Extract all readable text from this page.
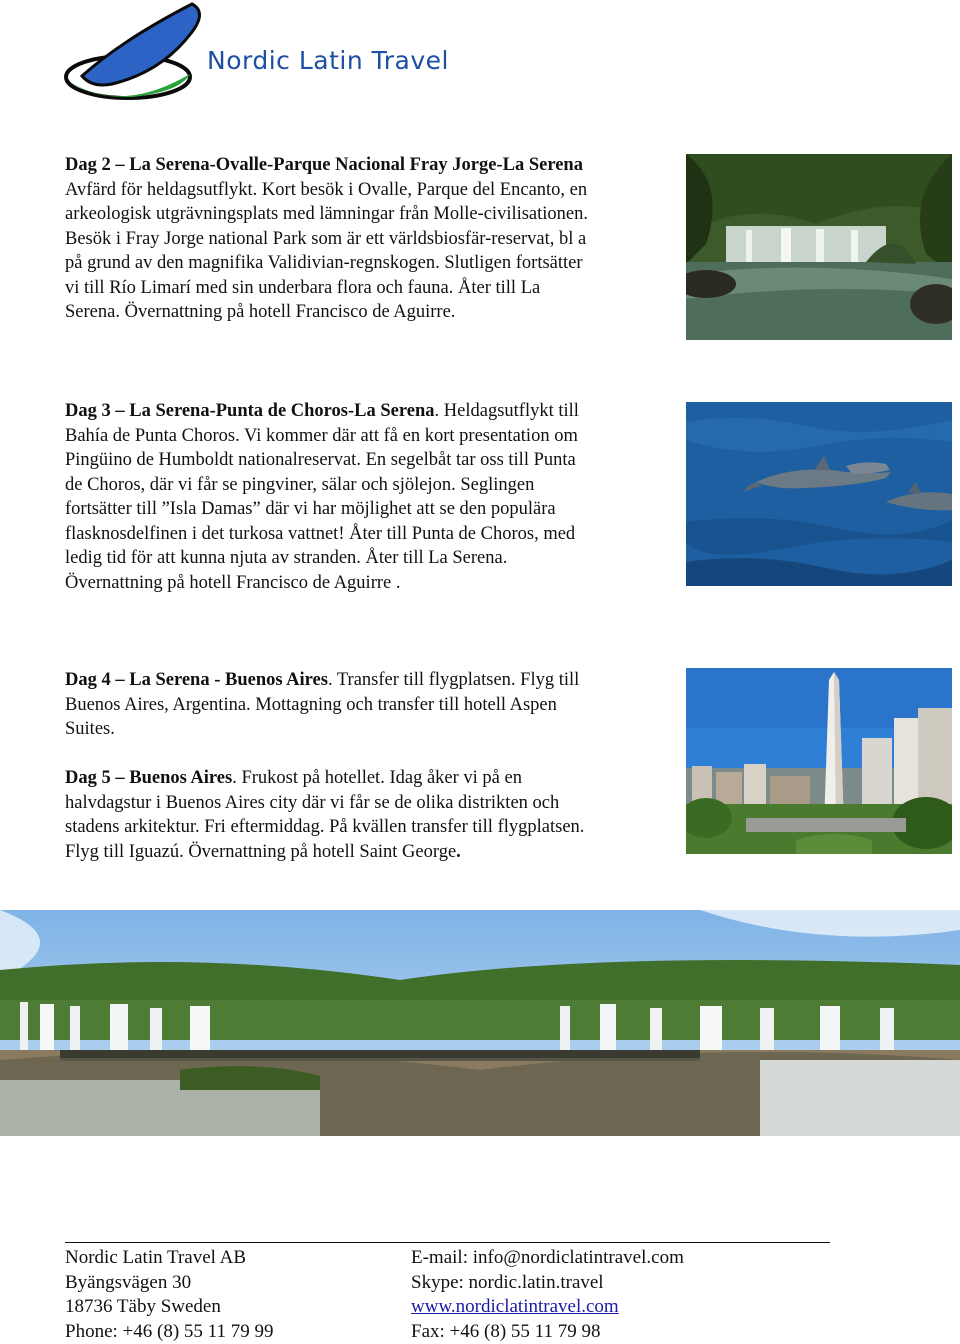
Nordic Latin Travel
Dag 2 – La Serena-Ovalle-Parque Nacional Fray Jorge-La Serena
Avfärd för heldagsutflykt. Kort besök i Ovalle, Parque del Encanto, en
arkeologisk utgrävningsplats med lämningar från Molle-civilisationen.
Besök i Fray Jorge national Park som är ett världsbiosfär-reservat, bl a
på grund av den magnifika Validivian-regnskogen. Slutligen fortsätter
vi till Río Limarí med sin underbara flora och fauna. Åter till La
Serena. Övernattning på hotell Francisco de Aguirre.
Dag 3 – La Serena-Punta de Choros-La Serena. Heldagsutflykt till
Bahía de Punta Choros. Vi kommer där att få en kort presentation om
Pingüino de Humboldt nationalreservat. En segelbåt tar oss till Punta
de Choros, där vi får se pingviner, sälar och sjölejon. Seglingen
fortsätter till ”Isla Damas” där vi har möjlighet att se den populära
flasknosdelfinen i det turkosa vattnet! Åter till Punta de Choros, med
ledig tid för att kunna njuta av stranden. Åter till La Serena.
Övernattning på hotell Francisco de Aguirre .
Dag 4 – La Serena - Buenos Aires. Transfer till flygplatsen. Flyg till
Buenos Aires, Argentina. Mottagning och transfer till hotell Aspen
Suites.
Dag 5 – Buenos Aires. Frukost på hotellet. Idag åker vi på en
halvdagstur i Buenos Aires city där vi får se de olika distrikten och
stadens arkitektur. Fri eftermiddag. På kvällen transfer till flygplatsen.
Flyg till Iguazú. Övernattning på hotell Saint George.
Nordic Latin Travel AB
Byängsvägen 30
18736 Täby Sweden
Phone: +46 (8) 55 11 79 99
E-mail: info@nordiclatintravel.com
Skype: nordic.latin.travel
www.nordiclatintravel.com
Fax: +46 (8) 55 11 79 98
